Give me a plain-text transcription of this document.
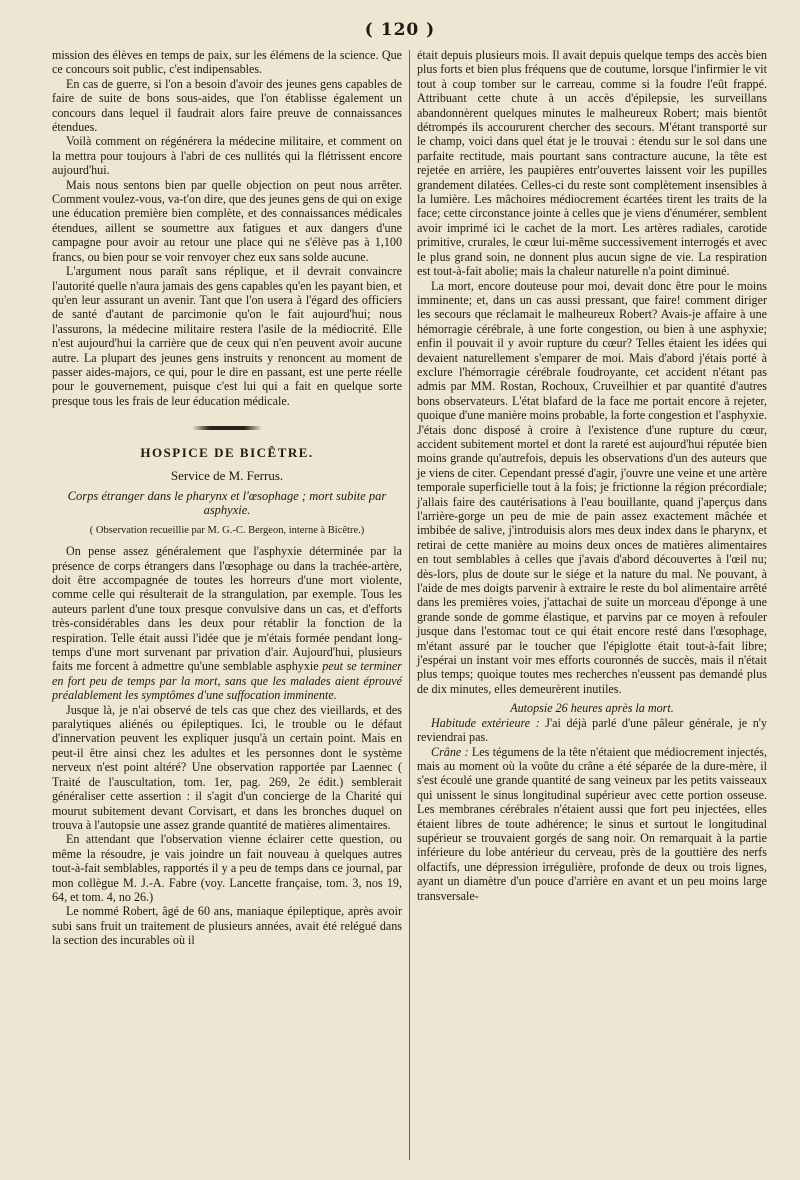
( 120 )

mission des élèves en temps de paix, sur les élémens de la science. Que ce concours soit public, c'est indipensables.

En cas de guerre, si l'on a besoin d'avoir des jeunes gens capables de faire de suite de bons sous-aides, que l'on établisse également un concours dans lequel il faudrait alors faire preuve de connaissances étendues.

Voilà comment on régénérera la médecine militaire, et comment on la mettra pour toujours à l'abri de ces nullités qui la flétrissent encore aujourd'hui.

Mais nous sentons bien par quelle objection on peut nous arrêter. Comment voulez-vous, va-t'on dire, que des jeunes gens de qui on exige une éducation première bien complète, et des connaissances médicales étendues, aillent se soumettre aux fatigues et aux dangers d'une campagne pour avoir au retour une place qui ne s'élève pas à 1,100 francs, ou bien pour se voir renvoyer chez eux sans solde aucune.

L'argument nous paraît sans réplique, et il devrait convaincre l'autorité quelle n'aura jamais des gens capables qu'en les payant bien, et qu'en leur assurant un avenir. Tant que l'on usera à l'égard des officiers de santé d'autant de parcimonie qu'on le fait aujourd'hui; nous l'assurons, la médecine militaire restera l'asile de la médiocrité. Elle n'est aujourd'hui la carrière que de ceux qui n'en peuvent avoir aucune autre. La plupart des jeunes gens instruits y renoncent au moment de passer aides-majors, ce qui, pour le dire en passant, est une perte réelle pour le gouvernement, puisque c'est lui qui a fait en quelque sorte presque tous les frais de leur éducation médicale.

HOSPICE DE BICÊTRE.
Service de M. Ferrus.
Corps étranger dans le pharynx et l'œsophage ; mort subite par asphyxie.
( Observation recueillie par M. G.-C. Bergeon, interne à Bicêtre.)

On pense assez généralement que l'asphyxie déterminée par la présence de corps étrangers dans l'œsophage ou dans la trachée-artère, doit être accompagnée de toutes les horreurs d'une mort violente, comme celle qui résulterait de la strangulation, par exemple. Tous les auteurs parlent d'une toux presque convulsive dans un cas, et d'efforts très-considérables dans les deux pour rétablir la fonction de la respiration. Telle était aussi l'idée que je m'étais formée pendant long-temps d'une mort survenant par privation d'air. Aujourd'hui, plusieurs faits me forcent à admettre qu'une semblable asphyxie peut se terminer en fort peu de temps par la mort, sans que les malades aient éprouvé préalablement les symptômes d'une suffocation imminente.

Jusque là, je n'ai observé de tels cas que chez des vieillards, et des paralytiques aliénés ou épileptiques. Ici, le trouble ou le défaut d'innervation peuvent les expliquer jusqu'à un certain point. Mais en peut-il être ainsi chez les adultes et les personnes dont le système nerveux n'est point altéré? Une observation rapportée par Laennec ( Traité de l'auscultation, tom. 1er, pag. 269, 2e édit.) semblerait généraliser cette assertion : il s'agit d'un concierge de la Charité qui mourut subitement devant Corvisart, et dans les bronches duquel on trouva à l'autopsie une assez grande quantité de matières alimentaires.

En attendant que l'observation vienne éclairer cette question, ou même la résoudre, je vais joindre un fait nouveau à quelques autres tout-à-fait semblables, rapportés il y a peu de temps dans ce journal, par mon collègue M. J.-A. Fabre (voy. Lancette française, tom. 3, nos 19, 64, et tom. 4, no 26.)

Le nommé Robert, âgé de 60 ans, maniaque épileptique, après avoir subi sans fruit un traitement de plusieurs années, avait été relégué dans la section des incurables où il

était depuis plusieurs mois. Il avait depuis quelque temps des accès bien plus forts et bien plus fréquens que de coutume, lorsque l'infirmier le vit tout à coup tomber sur le carreau, comme si la foudre l'eût frappé. Attribuant cette chute à un accès d'épilepsie, les surveillans abandonnèrent quelques minutes le malheureux Robert; mais bientôt détrompés ils accoururent chercher des secours. M'étant transporté sur le champ, voici dans quel état je le trouvai : étendu sur le sol dans une parfaite rectitude, mais pourtant sans contracture aucune, la tête est rejetée en arrière, les paupières entr'ouvertes laissent voir les pupilles grandement dilatées. Celles-ci du reste sont complètement insensibles à la lumière. Les mâchoires médiocrement écartées tirent les traits de la face; cette circonstance jointe à celles que je viens d'énumérer, semblent avoir imprimé ici le cachet de la mort. Les artères radiales, carotide primitive, crurales, le cœur lui-même successivement interrogés et avec le plus grand soin, ne donnent plus aucun signe de vie. La respiration est tout-à-fait abolie; mais la chaleur naturelle n'a point diminué.

La mort, encore douteuse pour moi, devait donc être pour le moins imminente; et, dans un cas aussi pressant, que faire! comment diriger les secours que réclamait le malheureux Robert? Avais-je affaire à une hémorragie cérébrale, à une forte congestion, ou bien à une asphyxie; enfin il pouvait il y avoir rupture du cœur? Telles étaient les idées qui devaient naturellement s'emparer de moi. Mais d'abord j'étais porté à exclure l'hémorragie cérébrale foudroyante, cet accident n'étant pas admis par MM. Rostan, Rochoux, Cruveilhier et par quantité d'autres bons observateurs. L'état blafard de la face me portait encore à rejeter, quoique d'une manière moins probable, la forte congestion et l'asphyxie. J'étais donc disposé à croire à l'existence d'une rupture du cœur, accident subitement mortel et dont la rareté est aujourd'hui réputée bien moins grande qu'autrefois, depuis les observations d'un des auteurs que je viens de citer. Cependant pressé d'agir, j'ouvre une veine et une artère temporale superficielle tout à la fois; je frictionne la région précordiale; j'allais faire des cautérisations à l'eau bouillante, quand j'aperçus dans l'arrière-gorge un peu de mie de pain assez exactement mâchée et imbibée de salive, j'introduisis alors mes deux index dans le pharynx, et retirai de cette manière au moins deux onces de matières alimentaires en tout semblables à celles que j'avais d'abord découvertes à l'œil nu; dès-lors, plus de doute sur le siége et la nature du mal. Ne pouvant, à l'aide de mes doigts parvenir à extraire le reste du bol alimentaire arrêté dans les premières voies, j'attachai de suite un morceau d'éponge à une grande sonde de gomme élastique, et parvins par ce moyen à refouler jusque dans l'estomac tout ce qui était encore resté dans l'œsophage, m'étant assuré par le toucher que l'épiglotte était tout-à-fait libre; j'espérai un instant voir mes efforts couronnés de succès, mais il n'était plus temps; quoique toutes mes recherches n'eussent pas demandé plus de dix minutes, elles demeurèrent inutiles.

Autopsie 26 heures après la mort.

Habitude extérieure : J'ai déjà parlé d'une pâleur générale, je n'y reviendrai pas.

Crâne : Les tégumens de la tête n'étaient que médiocrement injectés, mais au moment où la voûte du crâne a été séparée de la dure-mère, il s'est écoulé une grande quantité de sang veineux par les petits vaisseaux qui unissent le sinus longitudinal supérieur avec cette portion osseuse. Les membranes cérébrales n'étaient aussi que fort peu injectées, elles étaient libres de toute adhérence; le sinus et surtout le longitudinal supérieur se trouvaient gorgés de sang noir. On remarquait à la partie inférieure du lobe antérieur du cerveau, près de la gouttière des nerfs olfactifs, une dépression irrégulière, profonde de deux ou trois lignes, ayant un diamètre d'un pouce d'arrière en avant et un peu moins large transversale-
